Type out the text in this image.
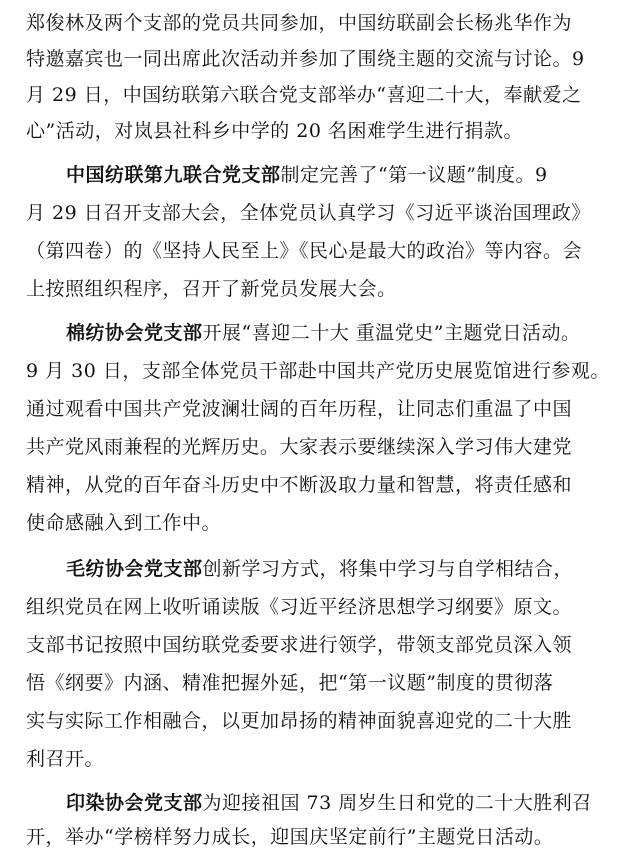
郑俊林及两个支部的党员共同参加，中国纺联副会长杨兆华作为
特邀嘉宾也一同出席此次活动并参加了围绕主题的交流与讨论。9
月 29 日，中国纺联第六联合党支部举办“喜迎二十大，奉献爱之
心”活动，对岚县社科乡中学的 20 名困难学生进行捐款。
中国纺联第九联合党支部制定完善了“第一议题”制度。9
月 29 日召开支部大会，全体党员认真学习《习近平谈治国理政》
（第四卷）的《坚持人民至上》《民心是最大的政治》等内容。会
上按照组织程序，召开了新党员发展大会。
棉纺协会党支部开展“喜迎二十大 重温党史”主题党日活动。
9 月 30 日，支部全体党员干部赴中国共产党历史展览馆进行参观。
通过观看中国共产党波澜壮阔的百年历程，让同志们重温了中国
共产党风雨兼程的光辉历史。大家表示要继续深入学习伟大建党
精神，从党的百年奋斗历史中不断汲取力量和智慧，将责任感和
使命感融入到工作中。
毛纺协会党支部创新学习方式，将集中学习与自学相结合，
组织党员在网上收听诵读版《习近平经济思想学习纲要》原文。
支部书记按照中国纺联党委要求进行领学，带领支部党员深入领
悟《纲要》内涵、精准把握外延，把“第一议题”制度的贯彻落
实与实际工作相融合，以更加昂扬的精神面貌喜迎党的二十大胜
利召开。
印染协会党支部为迎接祖国 73 周岁生日和党的二十大胜利召
开，举办“学榜样努力成长，迎国庆坚定前行”主题党日活动。
